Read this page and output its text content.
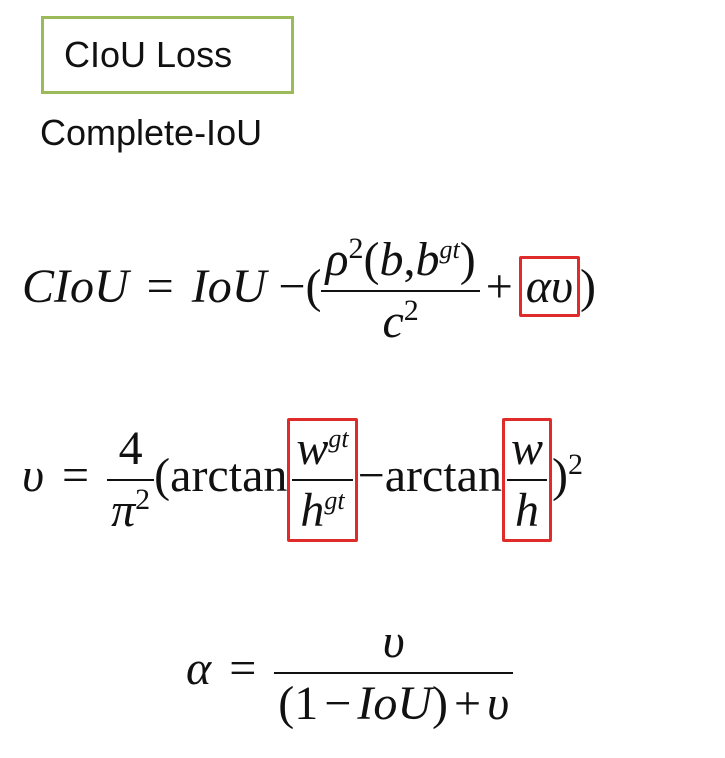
CIoU Loss
Complete-IoU
CIoU = IoU −( $\frac{\rho^2(b,b^{gt})}{c^2} + \alpha\upsilon$ )
$\upsilon = \frac{4}{\pi^2} (\arctan \frac{w^{gt}}{h^{gt}} -\arctan \frac{w}{h} )^2$
$\alpha = \frac{\upsilon}{\text{(1 − IoU) + υ}}$
